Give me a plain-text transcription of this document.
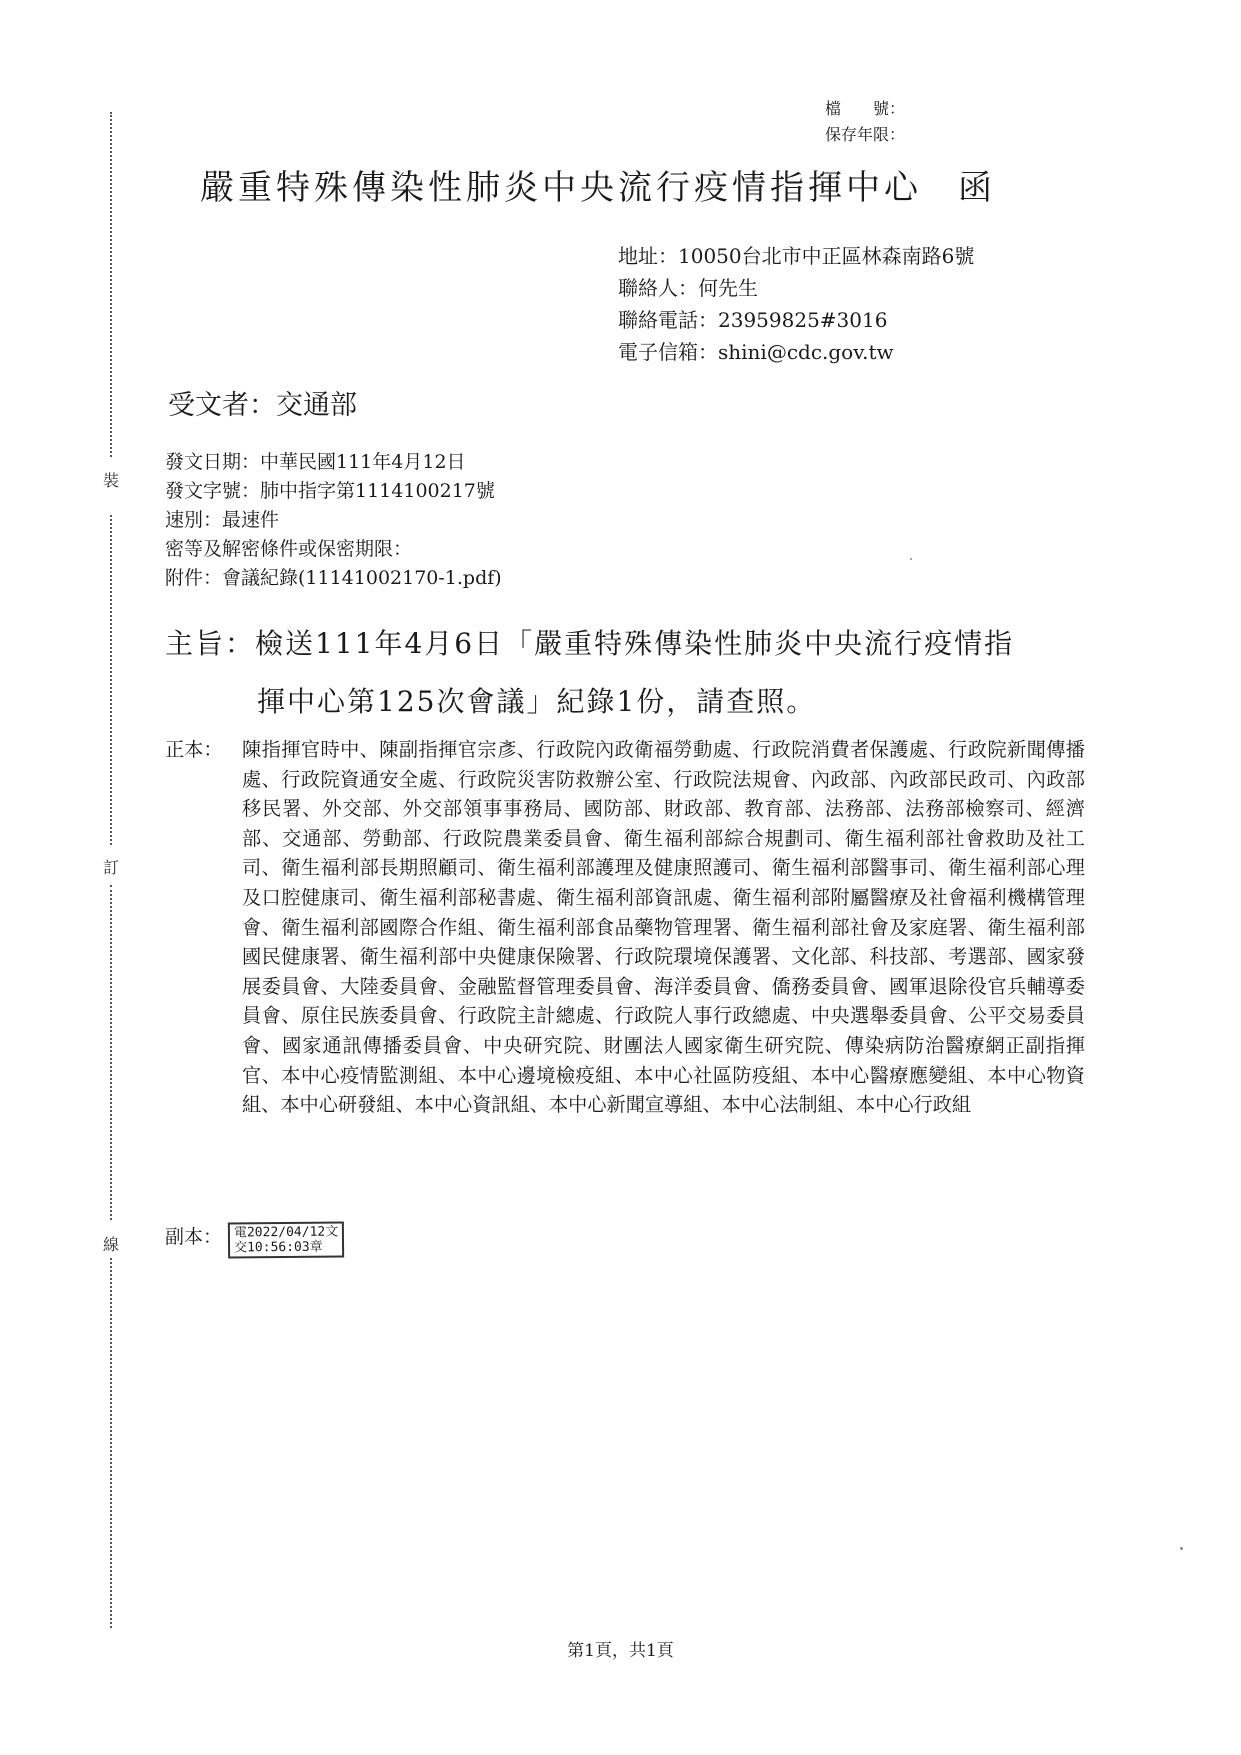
裝
訂
線
檔　　號：
保存年限：
嚴重特殊傳染性肺炎中央流行疫情指揮中心 函
地址：10050台北市中正區林森南路6號
聯絡人：何先生
聯絡電話：23959825#3016
電子信箱：shini@cdc.gov.tw
受文者：交通部
發文日期：中華民國111年4月12日
發文字號：肺中指字第1114100217號
速別：最速件
密等及解密條件或保密期限：
附件：會議紀錄(11141002170-1.pdf)
主旨：檢送111年4月6日「嚴重特殊傳染性肺炎中央流行疫情指
揮中心第125次會議」紀錄1份，請查照。
正本： 陳指揮官時中、陳副指揮官宗彥、行政院內政衛福勞動處、行政院消費者保護處、行政院新聞傳播處、行政院資通安全處、行政院災害防救辦公室、行政院法規會、內政部、內政部民政司、內政部移民署、外交部、外交部領事事務局、國防部、財政部、教育部、法務部、法務部檢察司、經濟部、交通部、勞動部、行政院農業委員會、衛生福利部綜合規劃司、衛生福利部社會救助及社工司、衛生福利部長期照顧司、衛生福利部護理及健康照護司、衛生福利部醫事司、衛生福利部心理及口腔健康司、衛生福利部秘書處、衛生福利部資訊處、衛生福利部附屬醫療及社會福利機構管理會、衛生福利部國際合作組、衛生福利部食品藥物管理署、衛生福利部社會及家庭署、衛生福利部國民健康署、衛生福利部中央健康保險署、行政院環境保護署、文化部、科技部、考選部、國家發展委員會、大陸委員會、金融監督管理委員會、海洋委員會、僑務委員會、國軍退除役官兵輔導委員會、原住民族委員會、行政院主計總處、行政院人事行政總處、中央選舉委員會、公平交易委員會、國家通訊傳播委員會、中央研究院、財團法人國家衛生研究院、傳染病防治醫療網正副指揮官、本中心疫情監測組、本中心邊境檢疫組、本中心社區防疫組、本中心醫療應變組、本中心物資組、本中心研發組、本中心資訊組、本中心新聞宣導組、本中心法制組、本中心行政組
副本： 電2022/04/12文
交10:56:03章
第1頁，共1頁
